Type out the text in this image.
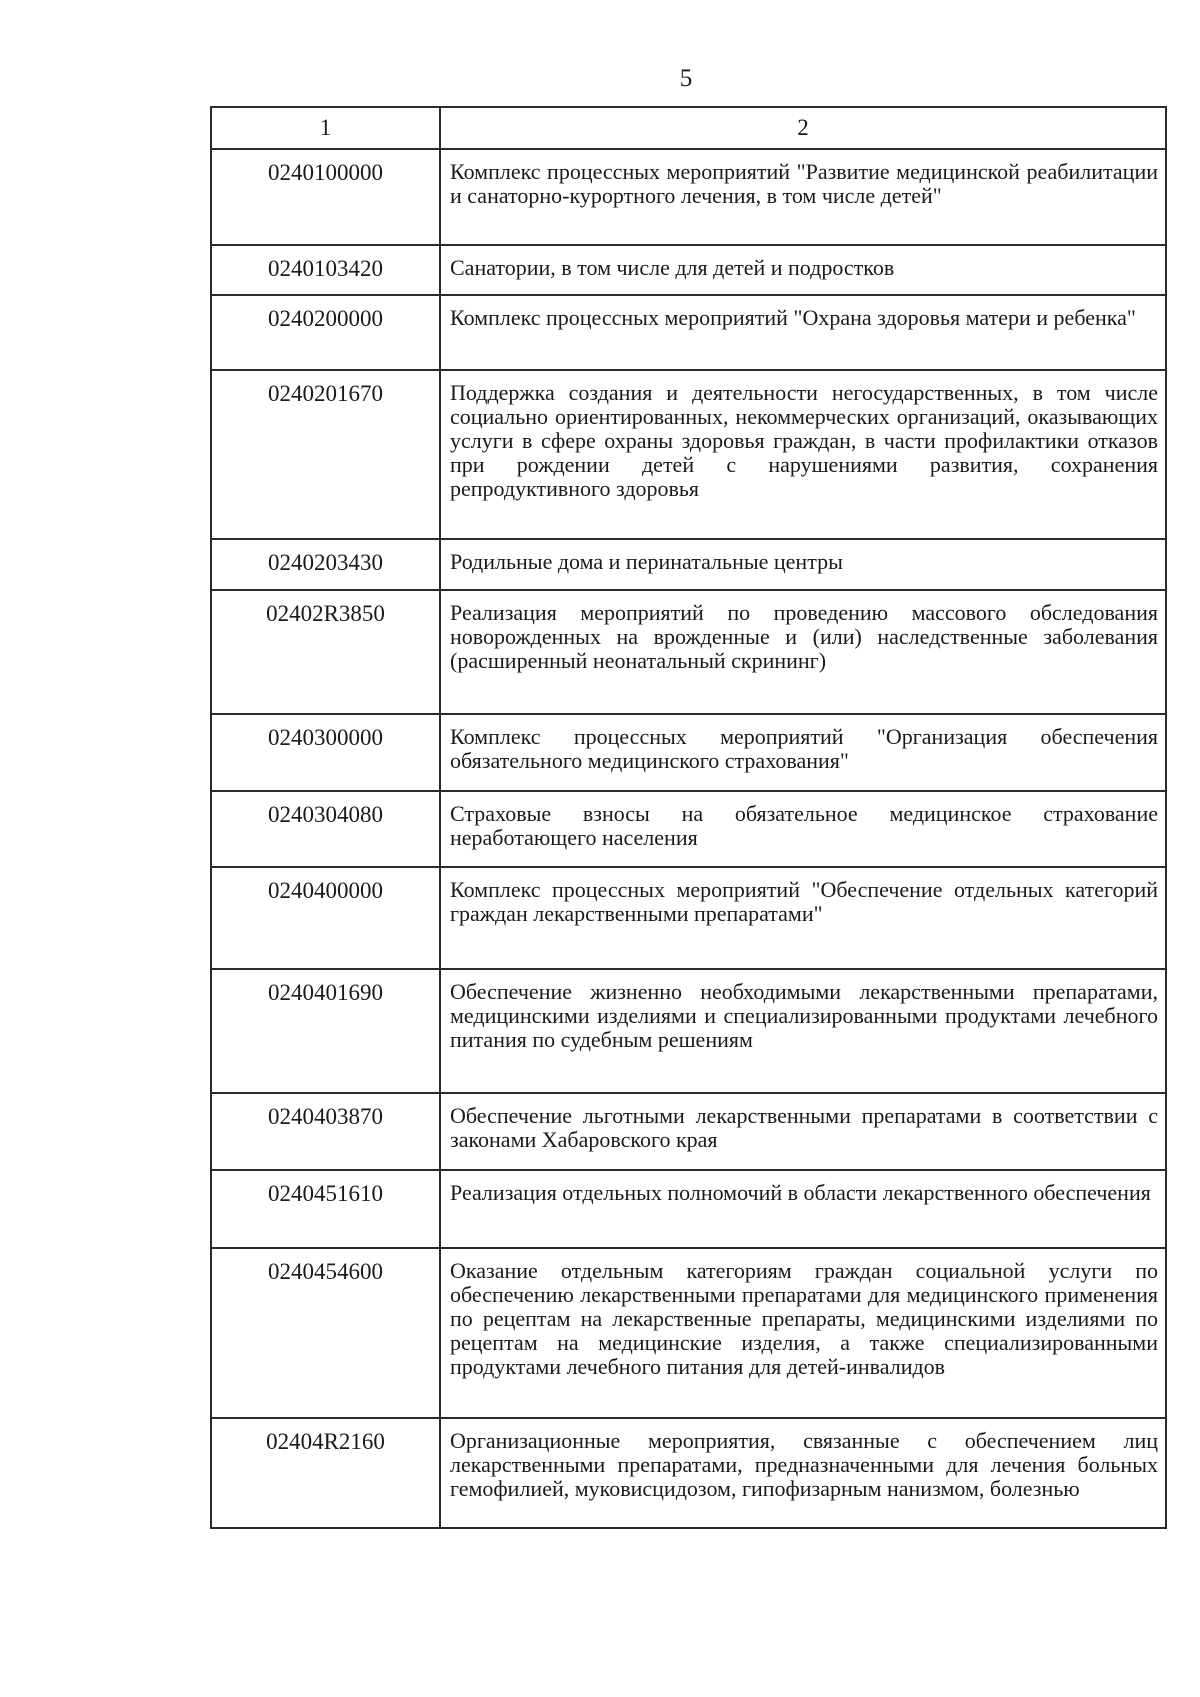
5
1	2
0240100000	Комплекс процессных мероприятий "Развитие медицинской реабилитации и санаторно-курортного лечения, в том числе детей"
0240103420	Санатории, в том числе для детей и подростков
0240200000	Комплекс процессных мероприятий "Охрана здоровья матери и ребенка"
0240201670	Поддержка создания и деятельности негосударственных, в том числе социально ориентированных, некоммерческих организаций, оказывающих услуги в сфере охраны здоровья граждан, в части профилактики отказов при рождении детей с нарушениями развития, сохранения репродуктивного здоровья
0240203430	Родильные дома и перинатальные центры
02402R3850	Реализация мероприятий по проведению массового обследования новорожденных на врожденные и (или) наследственные заболевания (расширенный неонатальный скрининг)
0240300000	Комплекс процессных мероприятий "Организация обеспечения обязательного медицинского страхования"
0240304080	Страховые взносы на обязательное медицинское страхование неработающего населения
0240400000	Комплекс процессных мероприятий "Обеспечение отдельных категорий граждан лекарственными препаратами"
0240401690	Обеспечение жизненно необходимыми лекарственными препаратами, медицинскими изделиями и специализированными продуктами лечебного питания по судебным решениям
0240403870	Обеспечение льготными лекарственными препаратами в соответствии с законами Хабаровского края
0240451610	Реализация отдельных полномочий в области лекарственного обеспечения
0240454600	Оказание отдельным категориям граждан социальной услуги по обеспечению лекарственными препаратами для медицинского применения по рецептам на лекарственные препараты, медицинскими изделиями по рецептам на медицинские изделия, а также специализированными продуктами лечебного питания для детей-инвалидов
02404R2160	Организационные мероприятия, связанные с обеспечением лиц лекарственными препаратами, предназначенными для лечения больных гемофилией, муковисцидозом, гипофизарным нанизмом, болезнью
